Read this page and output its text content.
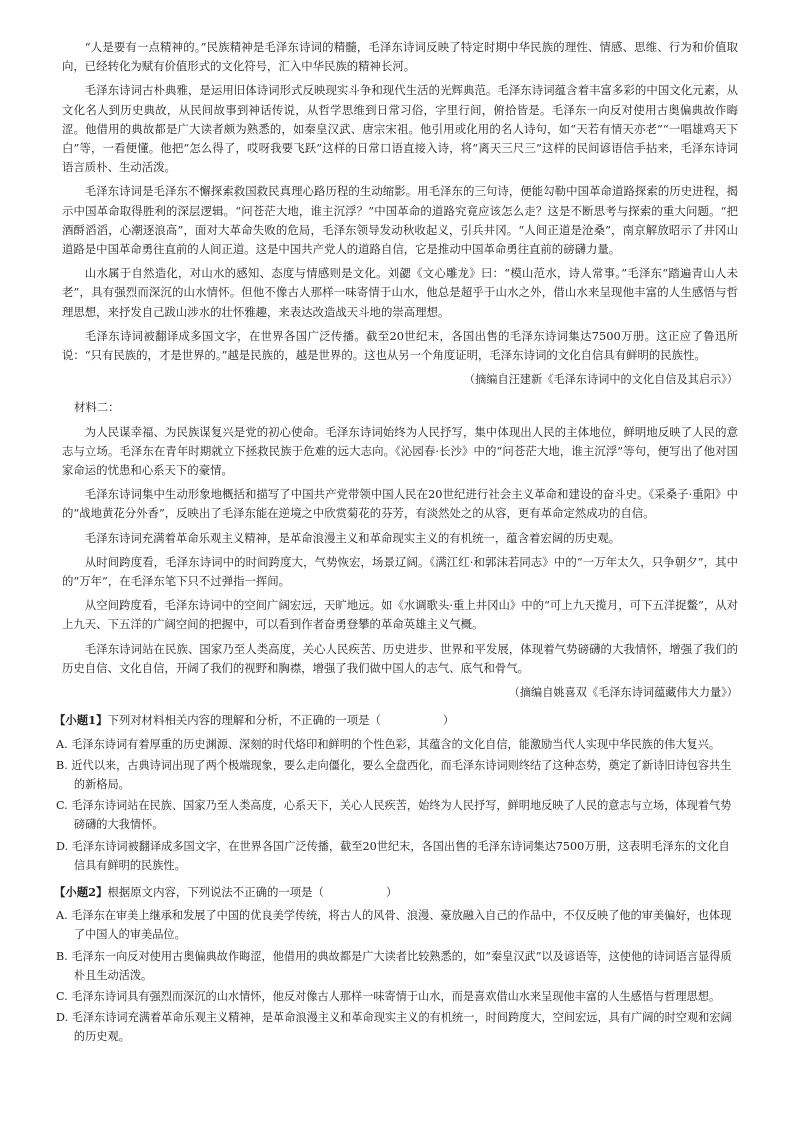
“人是要有一点精神的。”民族精神是毛泽东诗词的精髓，毛泽东诗词反映了特定时期中华民族的理性、情感、思维、行为和价值取向，已经转化为赋有价值形式的文化符号，汇入中华民族的精神长河。

毛泽东诗词古朴典雅，是运用旧体诗词形式反映现实斗争和现代生活的光辉典范。毛泽东诗词蕴含着丰富多彩的中国文化元素，从文化名人到历史典故，从民间故事到神话传说，从哲学思维到日常习俗，字里行间，俯拾皆是。毛泽东一向反对使用古奥偏典故作晦涩。他借用的典故都是广大读者颇为熟悉的，如秦皇汉武、唐宗宋祖。他引用或化用的名人诗句，如“天若有情天亦老”“一唱雄鸡天下白”等，一看便懂。他把“怎么得了，哎呀我要飞跃”这样的日常口语直接入诗，将“离天三尺三”这样的民间谚语信手拈来，毛泽东诗词语言质朴、生动活泼。

毛泽东诗词是毛泽东不懈探索救国救民真理心路历程的生动缩影。用毛泽东的三句诗，便能勾勒中国革命道路探索的历史进程，揭示中国革命取得胜利的深层逻辑。“问苍茫大地，谁主沉浮？”中国革命的道路究竟应该怎么走？这是不断思考与探索的重大问题。“把酒酹滔滔，心潮逐浪高”，面对大革命失败的危局，毛泽东领导发动秋收起义，引兵井冈。“人间正道是沧桑”，南京解放昭示了井冈山道路是中国革命勇往直前的人间正道。这是中国共产党人的道路自信，它是推动中国革命勇往直前的磅礴力量。

山水属于自然造化，对山水的感知、态度与情感则是文化。刘勰《文心雕龙》曰：“模山范水，诗人常事。”毛泽东“踏遍青山人未老”，具有强烈而深沉的山水情怀。但他不像古人那样一味寄情于山水，他总是超乎于山水之外，借山水来呈现他丰富的人生感悟与哲理思想，来抒发自己跋山涉水的壮怀雅趣，来表达改造战天斗地的崇高理想。

毛泽东诗词被翻译成多国文字，在世界各国广泛传播。截至20世纪末，各国出售的毛泽东诗词集达7500万册。这正应了鲁迅所说：“只有民族的，才是世界的。”越是民族的，越是世界的。这也从另一个角度证明，毛泽东诗词的文化自信具有鲜明的民族性。

（摘编自汪建新《毛泽东诗词中的文化自信及其启示》）

材料二：

为人民谋幸福、为民族谋复兴是党的初心使命。毛泽东诗词始终为人民抒写，集中体现出人民的主体地位，鲜明地反映了人民的意志与立场。毛泽东在青年时期就立下拯救民族于危难的远大志向。《沁园春·长沙》中的“问苍茫大地，谁主沉浮”等句，便写出了他对国家命运的忧患和心系天下的豪情。

毛泽东诗词集中生动形象地概括和描写了中国共产党带领中国人民在20世纪进行社会主义革命和建设的奋斗史。《采桑子·重阳》中的“战地黄花分外香”，反映出了毛泽东能在逆境之中欣赏菊花的芬芳，有淡然处之的从容，更有革命定然成功的自信。

毛泽东诗词充满着革命乐观主义精神，是革命浪漫主义和革命现实主义的有机统一，蕴含着宏阔的历史观。

从时间跨度看，毛泽东诗词中的时间跨度大，气势恢宏，场景辽阔。《满江红·和郭沫若同志》中的“一万年太久，只争朝夕”，其中的“万年”，在毛泽东笔下只不过弹指一挥间。

从空间跨度看，毛泽东诗词中的空间广阔宏远，天旷地远。如《水调歌头·重上井冈山》中的“可上九天揽月，可下五洋捉鳖”，从对上九天、下五洋的广阔空间的把握中，可以看到作者奋勇登攀的革命英雄主义气概。

毛泽东诗词站在民族、国家乃至人类高度，关心人民疾苦、历史进步、世界和平发展，体现着气势磅礴的大我情怀，增强了我们的历史自信、文化自信，开阔了我们的视野和胸襟，增强了我们做中国人的志气、底气和骨气。

（摘编自姚喜双《毛泽东诗词蕴藏伟大力量》）

【小题1】下列对材料相关内容的理解和分析，不正确的一项是（	）

A. 毛泽东诗词有着厚重的历史渊源、深刻的时代烙印和鲜明的个性色彩，其蕴含的文化自信，能激励当代人实现中华民族的伟大复兴。

B. 近代以来，古典诗词出现了两个极端现象，要么走向僵化，要么全盘西化，而毛泽东诗词则终结了这种态势，奠定了新诗旧诗包容共生的新格局。

C. 毛泽东诗词站在民族、国家乃至人类高度，心系天下，关心人民疾苦，始终为人民抒写，鲜明地反映了人民的意志与立场，体现着气势磅礴的大我情怀。

D. 毛泽东诗词被翻译成多国文字，在世界各国广泛传播，截至20世纪末，各国出售的毛泽东诗词集达7500万册，这表明毛泽东的文化自信具有鲜明的民族性。

【小题2】根据原文内容，下列说法不正确的一项是（	）

A. 毛泽东在审美上继承和发展了中国的优良美学传统，将古人的风骨、浪漫、豪放融入自己的作品中，不仅反映了他的审美偏好，也体现了中国人的审美品位。

B. 毛泽东一向反对使用古奥偏典故作晦涩，他借用的典故都是广大读者比较熟悉的，如“秦皇汉武”以及谚语等，这使他的诗词语言显得质朴且生动活泼。

C. 毛泽东诗词具有强烈而深沉的山水情怀，他反对像古人那样一味寄情于山水，而是喜欢借山水来呈现他丰富的人生感悟与哲理思想。

D. 毛泽东诗词充满着革命乐观主义精神，是革命浪漫主义和革命现实主义的有机统一，时间跨度大，空间宏远，具有广阔的时空观和宏阔的历史观。
